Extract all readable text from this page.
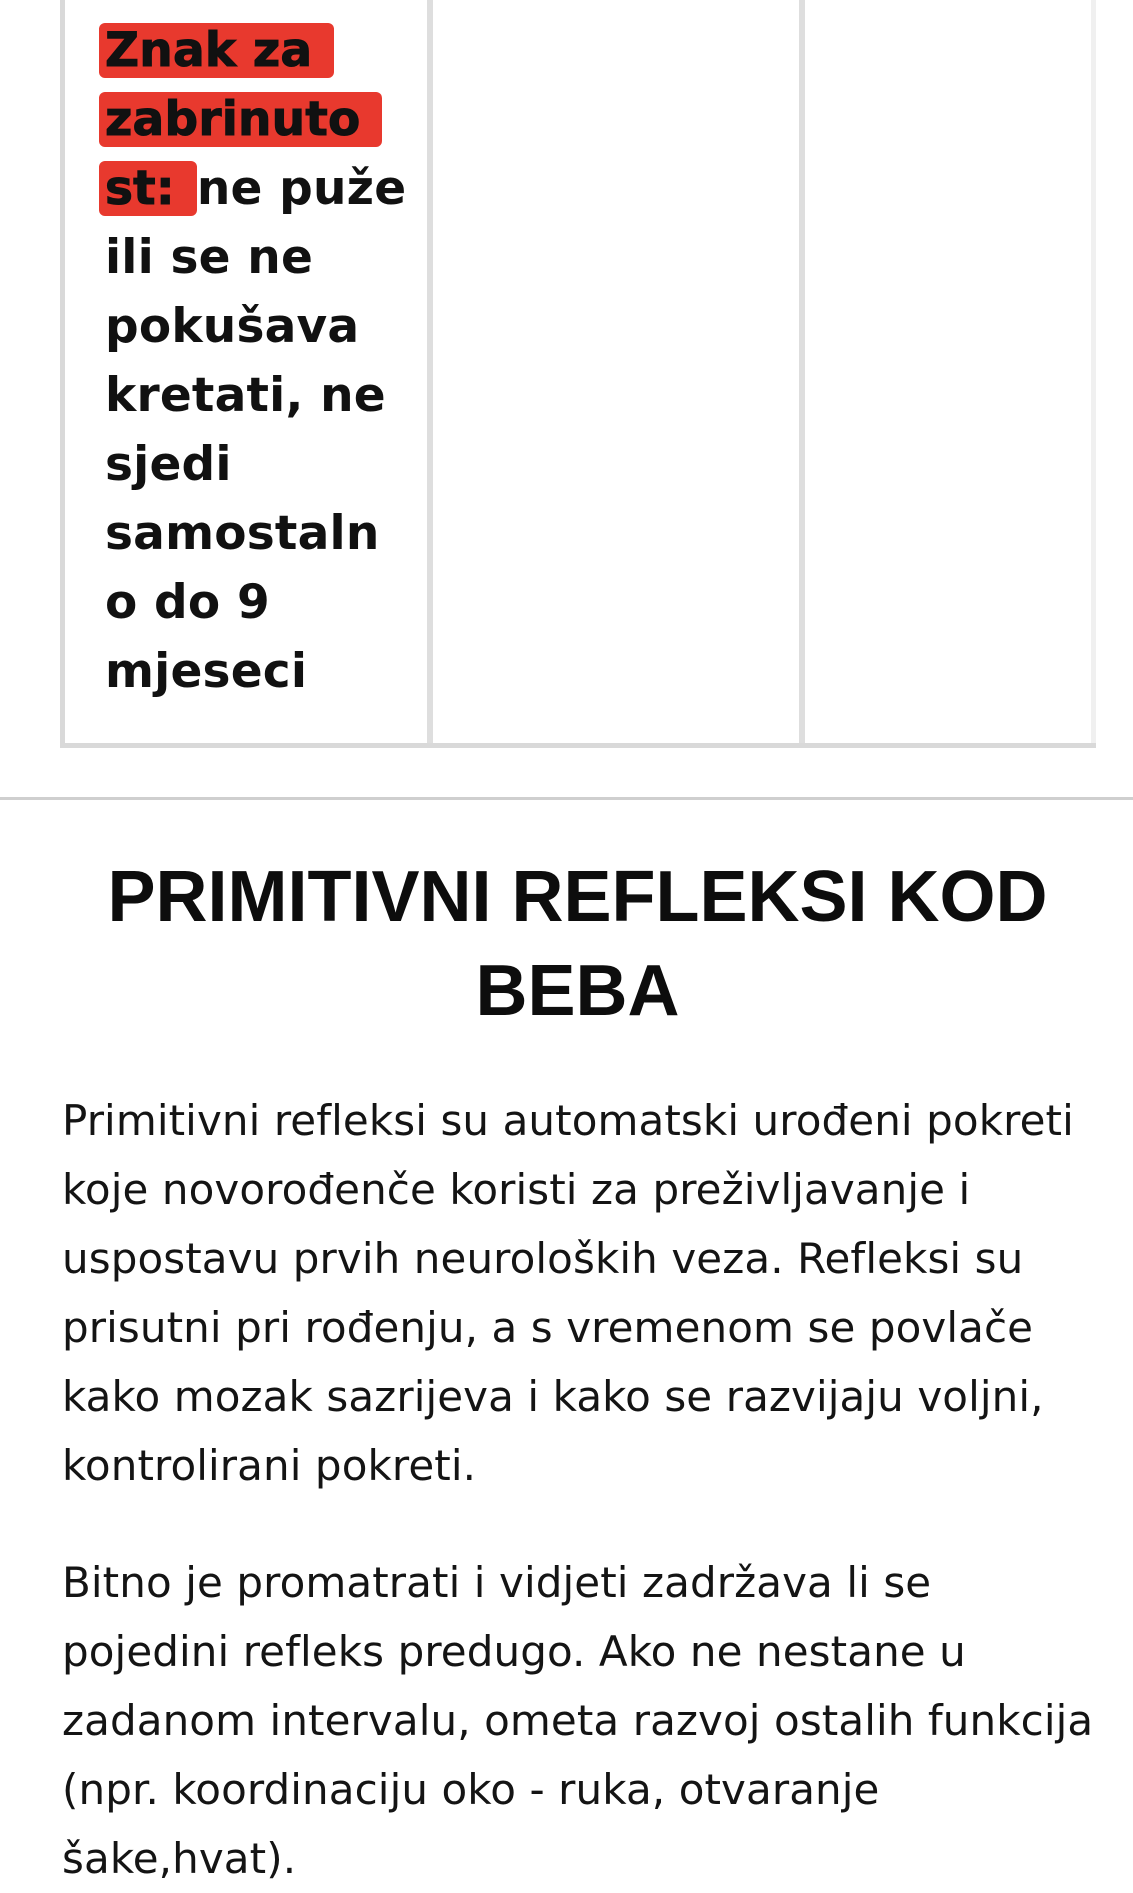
Znak za
zabrinuto
st: ne puže
ili se ne
pokušava
kretati, ne
sjedi
samostaln
o do 9
mjeseci
PRIMITIVNI REFLEKSI KOD BEBA

Primitivni refleksi su automatski urođeni pokreti koje novorođenče koristi za preživljavanje i uspostavu prvih neuroloških veza. Refleksi su prisutni pri rođenju, a s vremenom se povlače kako mozak sazrijeva i kako se razvijaju voljni, kontrolirani pokreti.

Bitno je promatrati i vidjeti zadržava li se pojedini refleks predugo. Ako ne nestane u zadanom intervalu, ometa razvoj ostalih funkcija (npr. koordinaciju oko - ruka, otvaranje šake,hvat).
